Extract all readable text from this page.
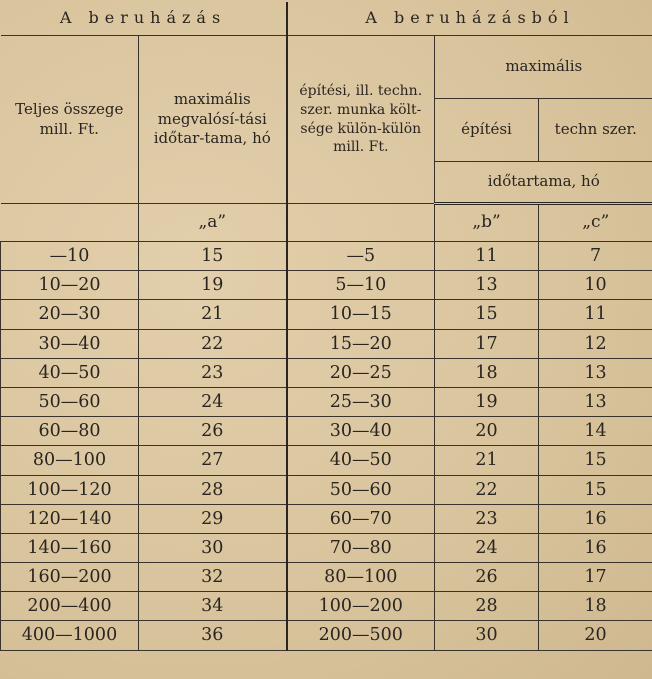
A beruházás		A beruházásból		
Teljes összege mill. Ft.	maximális megvalósí-tási időtar-tama, hó	építési, ill. techn. szer. munka költ-sége külön-külön mill. Ft.	maximális	
			építési	techn szer.
			időtartama, hó	
	„a”		„b”	„c”
—10	15	—5	11	7
10—20	19	5—10	13	10
20—30	21	10—15	15	11
30—40	22	15—20	17	12
40—50	23	20—25	18	13
50—60	24	25—30	19	13
60—80	26	30—40	20	14
80—100	27	40—50	21	15
100—120	28	50—60	22	15
120—140	29	60—70	23	16
140—160	30	70—80	24	16
160—200	32	80—100	26	17
200—400	34	100—200	28	18
400—1000	36	200—500	30	20
